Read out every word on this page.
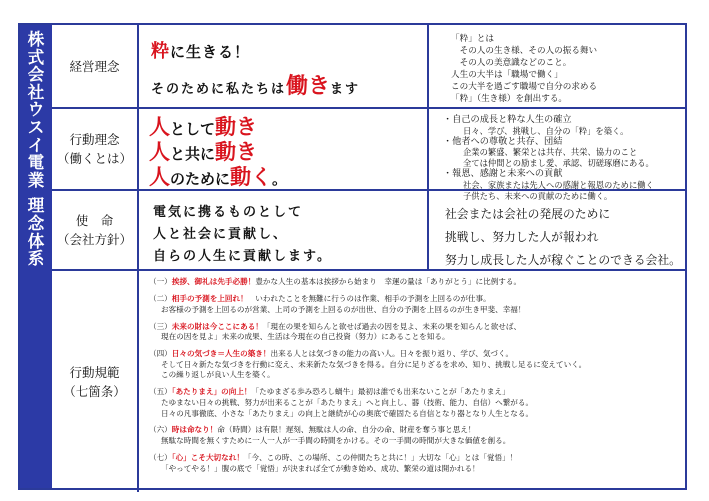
株
式
会
社
ウ
ス
イ
電
業
理
念
体
系
経営理念
粋に生きる！
そのために私たちは働きます
「粋」とは
　その人の生き様、その人の振る舞い
　その人の美意識などのこと。
人生の大半は「職場で働く」
この大半を過ごす職場で自分の求める
「粋」（生き様）を創出する。
行動理念
（働くとは）
人として動き
人と共に動き
人のために動く。
・自己の成長と粋な人生の確立
日々、学び、挑戦し、自分の「粋」を築く。
・他者への尊敬と共存、団結
企業の繁盛、繁栄とは共存、共栄、協力のこと
全ては仲間との励まし愛、承認、切磋琢磨にある。
・報恩、感謝と未来への貢献
社会、家族または先人への感謝と報恩のために働く
子供たち、未来への貢献のために働く。
使　命
（会社方針）
電気に携るものとして
人と社会に貢献し、
自らの人生に貢献します。
社会または会社の発展のために
挑戦し、努力した人が報われ
努力し成長した人が稼ぐことのできる会社。
行動規範
（七箇条）
（一）挨拶、御礼は先手必勝！豊かな人生の基本は挨拶から始まり　幸運の量は「ありがとう」に比例する。
（二）相手の予測を上回れ！　いわれたことを無難に行うのは作業、相手の予測を上回るのが仕事。
お客様の予測を上回るのが営業、上司の予測を上回るのが出世、自分の予測を上回るのが生き甲斐、幸福！
（三）未来の財は今ここにある！「現在の果を知らんと欲せば過去の因を見よ、未来の果を知らんと欲せば、
現在の因を見よ」未来の成果、生活は今現在の自己投資（努力）にあることを知る。
（四）日々の気づき＝人生の築き！出来る人とは気づきの能力の高い人。日々を振り返り、学び、気づく。
そして日々新たな気づきを行動に変え、未来新たな気づきを得る。自分に足りざるを求め、知り、挑戦し足るに変えていく。
この繰り返しが良い人生を築く。
（五）「あたりまえ」の向上！「たゆまざる歩み恐ろし蝸牛」最初は誰でも出来ないことが「あたりまえ」
たゆまない日々の挑戦、努力が出来ることが「あたりまえ」へと向上し、器（技術、能力、自信）へ繋がる。
日々の凡事徹底、小さな「あたりまえ」の向上と継続が心の奥底で確固たる自信となり器となり人生となる。
（六）時は命なり！命（時間）は有限！遅刻、無駄は人の命、自分の命、財産を奪う事と思え！
無駄な時間を無くすために一人一人が一手間の時間をかける。その一手間の時間が大きな価値を創る。
（七）「心」こそ大切なれ！「今、この時、この場所、この仲間たちと共に！」大切な「心」とは「覚悟」！
「やってやる！」腹の底で「覚悟」が決まれば全てが動き始め、成功、繁栄の道は開かれる！
